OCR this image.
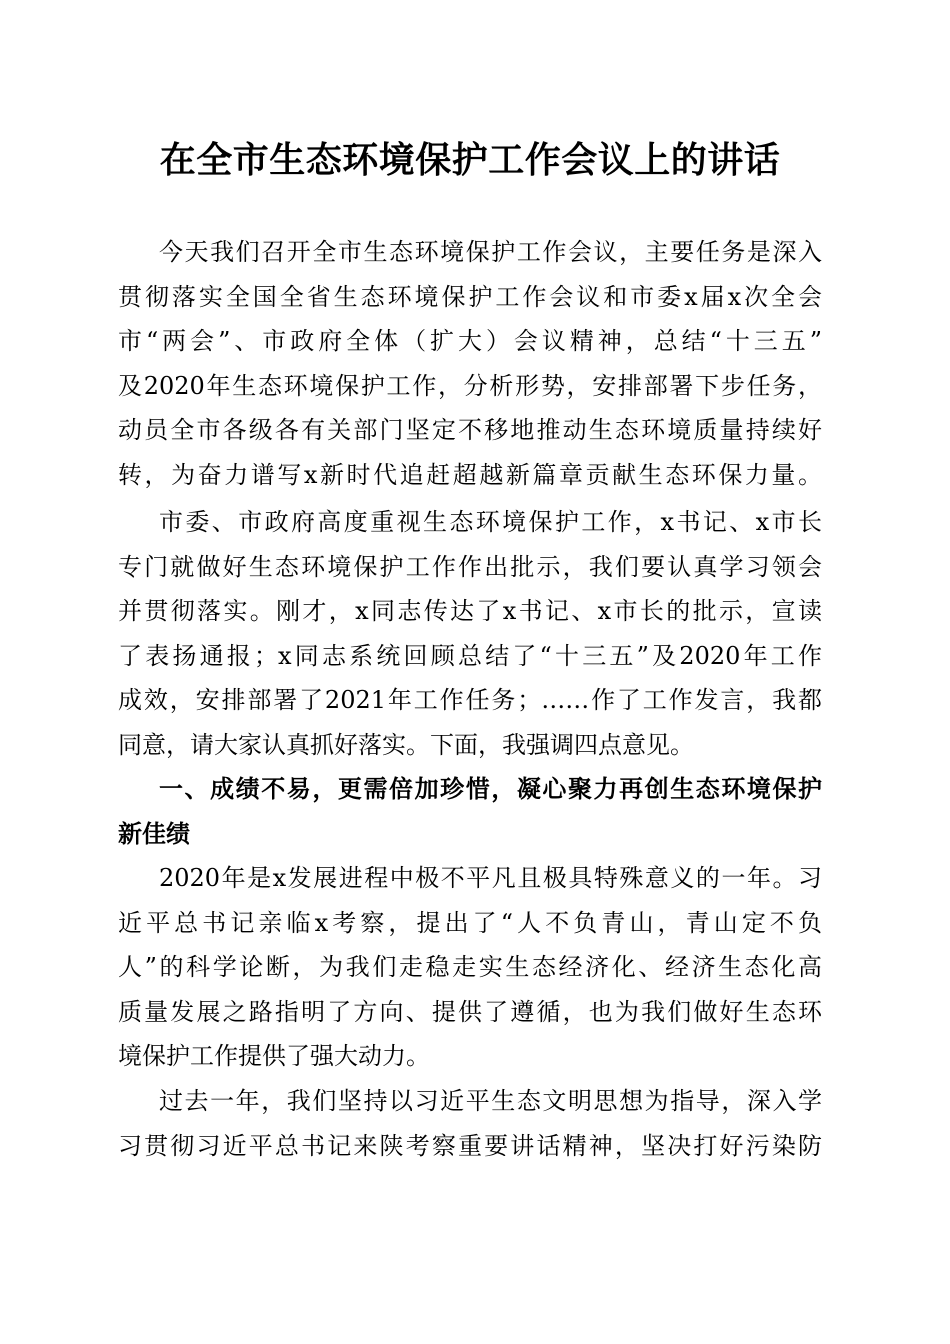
在全市生态环境保护工作会议上的讲话
今天我们召开全市生态环境保护工作会议，主要任务是深入
贯彻落实全国全省生态环境保护工作会议和市委x届x次全会
市“两会”、市政府全体（扩大）会议精神，总结“十三五”
及2020年生态环境保护工作，分析形势，安排部署下步任务，
动员全市各级各有关部门坚定不移地推动生态环境质量持续好
转，为奋力谱写x新时代追赶超越新篇章贡献生态环保力量。
市委、市政府高度重视生态环境保护工作，x书记、x市长
专门就做好生态环境保护工作作出批示，我们要认真学习领会
并贯彻落实。刚才，x同志传达了x书记、x市长的批示，宣读
了表扬通报；x同志系统回顾总结了“十三五”及2020年工作
成效，安排部署了2021年工作任务；……作了工作发言，我都
同意，请大家认真抓好落实。下面，我强调四点意见。
一、成绩不易，更需倍加珍惜，凝心聚力再创生态环境保护
新佳绩
2020年是x发展进程中极不平凡且极具特殊意义的一年。习
近平总书记亲临x考察，提出了“人不负青山，青山定不负
人”的科学论断，为我们走稳走实生态经济化、经济生态化高
质量发展之路指明了方向、提供了遵循，也为我们做好生态环
境保护工作提供了强大动力。
过去一年，我们坚持以习近平生态文明思想为指导，深入学
习贯彻习近平总书记来陕考察重要讲话精神，坚决打好污染防
